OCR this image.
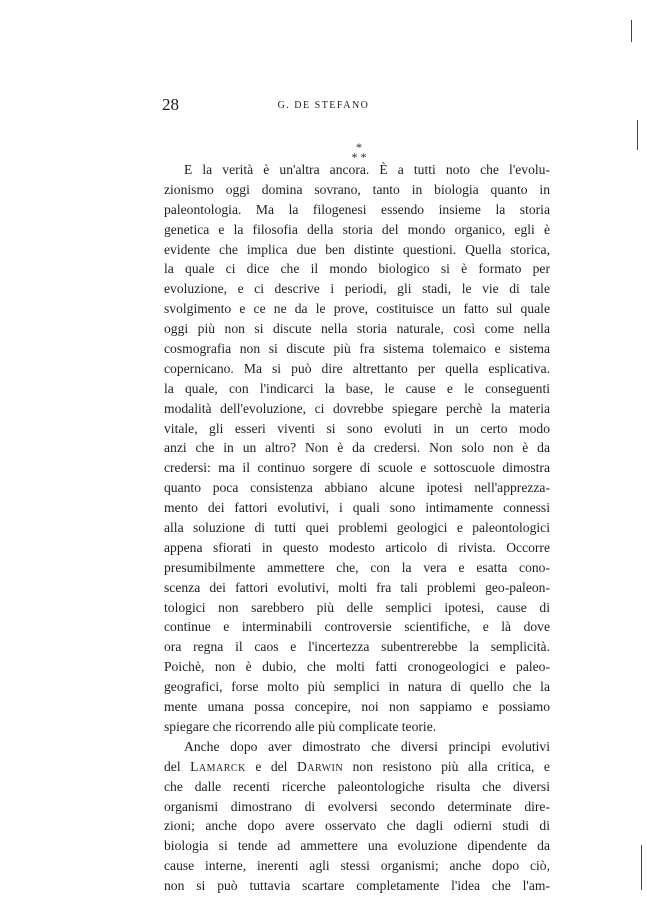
28	G. DE STEFANO
*
* *
E la verità è un'altra ancora. È a tutti noto che l'evolu-
zionismo oggi domina sovrano, tanto in biologia quanto in
paleontologia. Ma la filogenesi essendo insieme la storia
genetica e la filosofia della storia del mondo organico, egli è
evidente che implica due ben distinte questioni. Quella storica,
la quale ci dice che il mondo biologico si è formato per
evoluzione, e ci descrive i periodi, gli stadi, le vie di tale
svolgimento e ce ne da le prove, costituisce un fatto sul quale
oggi più non si discute nella storia naturale, così come nella
cosmografia non si discute più fra sistema tolemaico e sistema
copernicano. Ma si può dire altrettanto per quella esplicativa.
la quale, con l'indicarci la base, le cause e le conseguenti
modalità dell'evoluzione, ci dovrebbe spiegare perchè la materia
vitale, gli esseri viventi si sono evoluti in un certo modo
anzi che in un altro? Non è da credersi. Non solo non è da
credersi: ma il continuo sorgere di scuole e sottoscuole dimostra
quanto poca consistenza abbiano alcune ipotesi nell'apprezza-
mento dei fattori evolutivi, i quali sono intimamente connessi
alla soluzione di tutti quei problemi geologici e paleontologici
appena sfiorati in questo modesto articolo di rivista. Occorre
presumibilmente ammettere che, con la vera e esatta cono-
scenza dei fattori evolutivi, molti fra tali problemi geo-paleon-
tologici non sarebbero più delle semplici ipotesi, cause di
continue e interminabili controversie scientifiche, e là dove
ora regna il caos e l'incertezza subentrerebbe la semplicità.
Poichè, non è dubio, che molti fatti cronogeologici e paleo-
geografici, forse molto più semplici in natura di quello che la
mente umana possa concepire, noi non sappiamo e possiamo
spiegare che ricorrendo alle più complicate teorie.
Anche dopo aver dimostrato che diversi principi evolutivi
del Lamarck e del Darwin non resistono più alla critica, e
che dalle recenti ricerche paleontologiche risulta che diversi
organismi dimostrano di evolversi secondo determinate dire-
zioni; anche dopo avere osservato che dagli odierni studi di
biologia si tende ad ammettere una evoluzione dipendente da
cause interne, inerenti agli stessi organismi; anche dopo ciò,
non si può tuttavia scartare completamente l'idea che l'am-
